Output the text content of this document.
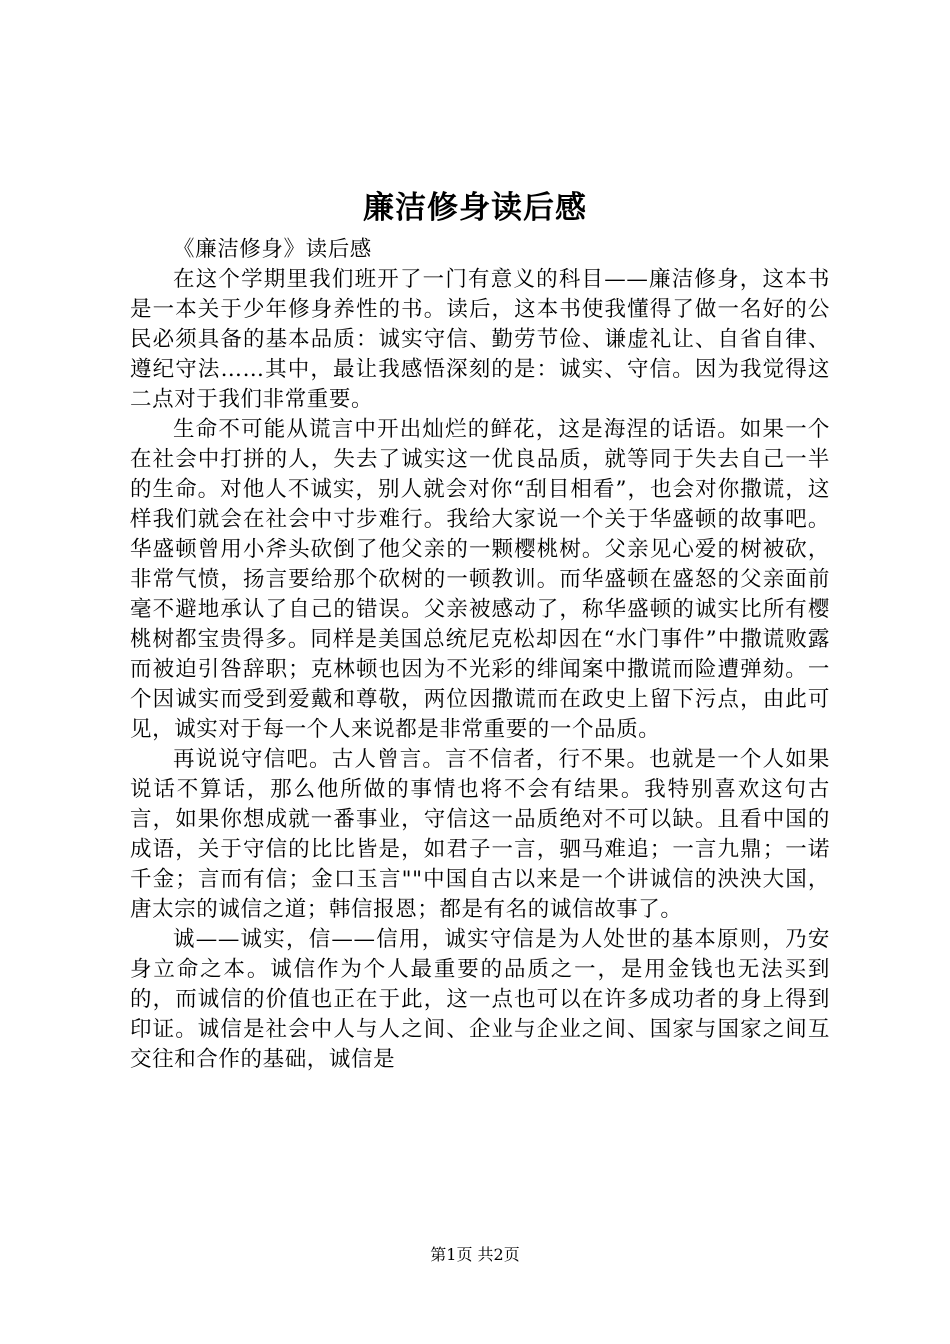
廉洁修身读后感

《廉洁修身》读后感

在这个学期里我们班开了一门有意义的科目——廉洁修身，这本书是一本关于少年修身养性的书。读后，这本书使我懂得了做一名好的公民必须具备的基本品质：诚实守信、勤劳节俭、谦虚礼让、自省自律、遵纪守法……其中，最让我感悟深刻的是：诚实、守信。因为我觉得这二点对于我们非常重要。

生命不可能从谎言中开出灿烂的鲜花，这是海涅的话语。如果一个在社会中打拼的人，失去了诚实这一优良品质，就等同于失去自己一半的生命。对他人不诚实，别人就会对你“刮目相看”，也会对你撒谎，这样我们就会在社会中寸步难行。我给大家说一个关于华盛顿的故事吧。华盛顿曾用小斧头砍倒了他父亲的一颗樱桃树。父亲见心爱的树被砍，非常气愤，扬言要给那个砍树的一顿教训。而华盛顿在盛怒的父亲面前毫不避地承认了自己的错误。父亲被感动了，称华盛顿的诚实比所有樱桃树都宝贵得多。同样是美国总统尼克松却因在“水门事件”中撒谎败露而被迫引咎辞职；克林顿也因为不光彩的绯闻案中撒谎而险遭弹劾。一个因诚实而受到爱戴和尊敬，两位因撒谎而在政史上留下污点，由此可见，诚实对于每一个人来说都是非常重要的一个品质。

再说说守信吧。古人曾言。言不信者，行不果。也就是一个人如果说话不算话，那么他所做的事情也将不会有结果。我特别喜欢这句古言，如果你想成就一番事业，守信这一品质绝对不可以缺。且看中国的成语，关于守信的比比皆是，如君子一言，驷马难追；一言九鼎；一诺千金；言而有信；金口玉言""中国自古以来是一个讲诚信的泱泱大国，唐太宗的诚信之道；韩信报恩；都是有名的诚信故事了。

诚——诚实，信——信用，诚实守信是为人处世的基本原则，乃安身立命之本。诚信作为个人最重要的品质之一，是用金钱也无法买到的，而诚信的价值也正在于此，这一点也可以在许多成功者的身上得到印证。诚信是社会中人与人之间、企业与企业之间、国家与国家之间互交往和合作的基础，诚信是

第1页 共2页
